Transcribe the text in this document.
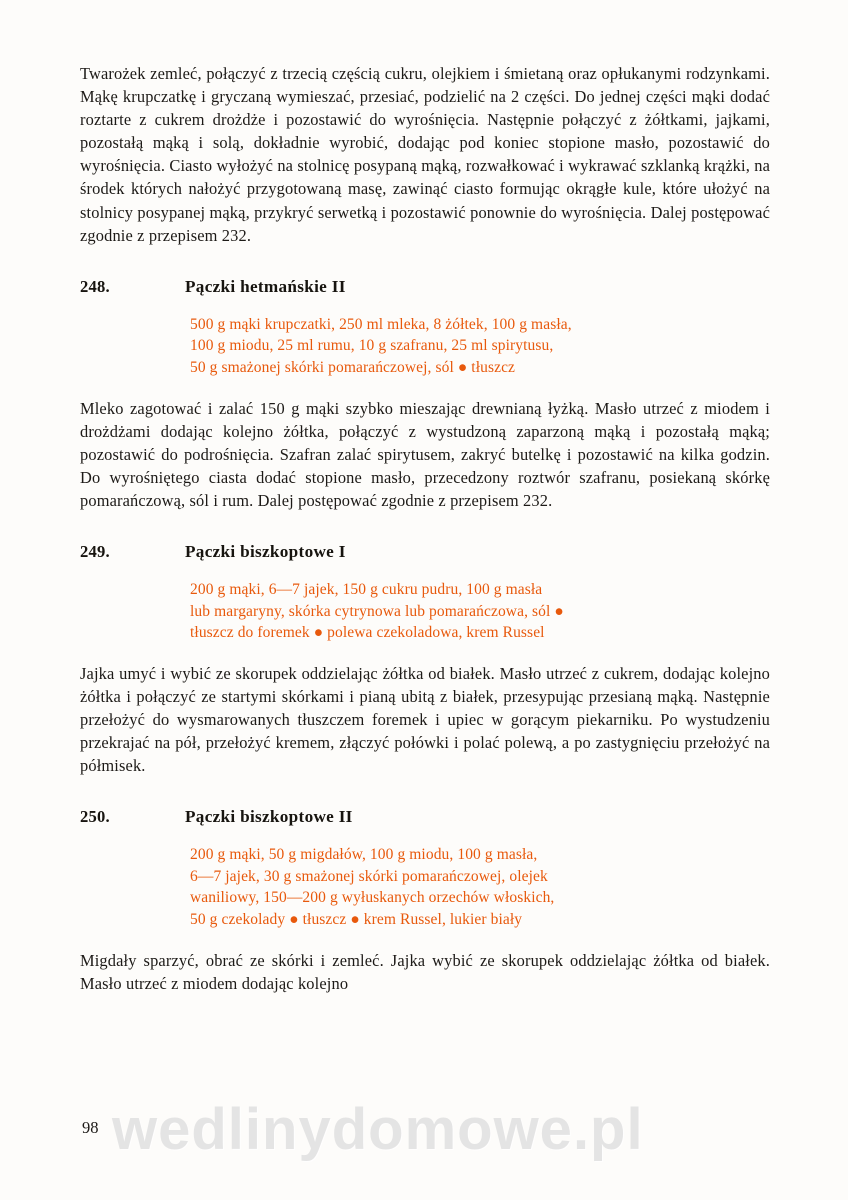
Twarożek zemleć, połączyć z trzecią częścią cukru, olejkiem i śmietaną oraz opłukanymi rodzynkami. Mąkę krupczatkę i gryczaną wymieszać, przesiać, podzielić na 2 części. Do jednej części mąki dodać roztarte z cukrem drożdże i pozostawić do wyrośnięcia. Następnie połączyć z żółtkami, jajkami, pozostałą mąką i solą, dokładnie wyrobić, dodając pod koniec stopione masło, pozostawić do wyrośnięcia. Ciasto wyłożyć na stolnicę posypaną mąką, rozwałkować i wykrawać szklanką krążki, na środek których nałożyć przygotowaną masę, zawinąć ciasto formując okrągłe kule, które ułożyć na stolnicy posypanej mąką, przykryć serwetką i pozostawić ponownie do wyrośnięcia. Dalej postępować zgodnie z przepisem 232.

248.	Pączki hetmańskie II
500 g mąki krupczatki, 250 ml mleka, 8 żółtek, 100 g masła,
100 g miodu, 25 ml rumu, 10 g szafranu, 25 ml spirytusu,
50 g smażonej skórki pomarańczowej, sól ● tłuszcz

Mleko zagotować i zalać 150 g mąki szybko mieszając drewnianą łyżką. Masło utrzeć z miodem i drożdżami dodając kolejno żółtka, połączyć z wystudzoną zaparzoną mąką i pozostałą mąką; pozostawić do podrośnięcia. Szafran zalać spirytusem, zakryć butelkę i pozostawić na kilka godzin. Do wyrośniętego ciasta dodać stopione masło, przecedzony roztwór szafranu, posiekaną skórkę pomarańczową, sól i rum. Dalej postępować zgodnie z przepisem 232.

249.	Pączki biszkoptowe I
200 g mąki, 6—7 jajek, 150 g cukru pudru, 100 g masła
lub margaryny, skórka cytrynowa lub pomarańczowa, sól ●
tłuszcz do foremek ● polewa czekoladowa, krem Russel

Jajka umyć i wybić ze skorupek oddzielając żółtka od białek. Masło utrzeć z cukrem, dodając kolejno żółtka i połączyć ze startymi skórkami i pianą ubitą z białek, przesypując przesianą mąką. Następnie przełożyć do wysmarowanych tłuszczem foremek i upiec w gorącym piekarniku. Po wystudzeniu przekrajać na pół, przełożyć kremem, złączyć połówki i polać polewą, a po zastygnięciu przełożyć na półmisek.

250.	Pączki biszkoptowe II
200 g mąki, 50 g migdałów, 100 g miodu, 100 g masła,
6—7 jajek, 30 g smażonej skórki pomarańczowej, olejek
waniliowy, 150—200 g wyłuskanych orzechów włoskich,
50 g czekolady ● tłuszcz ● krem Russel, lukier biały

Migdały sparzyć, obrać ze skórki i zemleć. Jajka wybić ze skorupek oddzielając żółtka od białek. Masło utrzeć z miodem dodając kolejno

98 wedlinydomowe.pl
